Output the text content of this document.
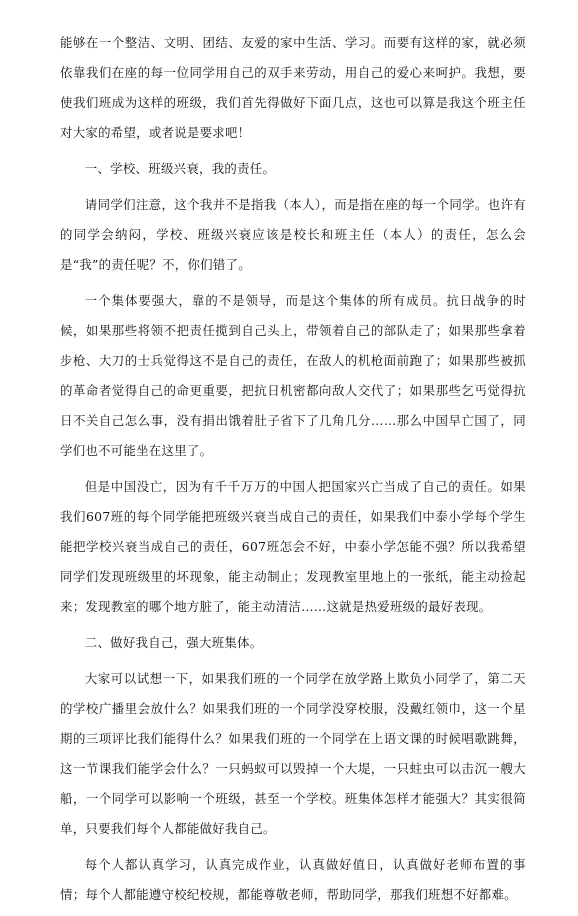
能够在一个整洁、文明、团结、友爱的家中生活、学习。而要有这样的家，就必须依靠我们在座的每一位同学用自己的双手来劳动，用自己的爱心来呵护。我想，要使我们班成为这样的班级，我们首先得做好下面几点，这也可以算是我这个班主任对大家的希望，或者说是要求吧！

一、学校、班级兴衰，我的责任。

请同学们注意，这个我并不是指我（本人），而是指在座的每一个同学。也许有的同学会纳闷，学校、班级兴衰应该是校长和班主任（本人）的责任，怎么会是“我”的责任呢？不，你们错了。

一个集体要强大，靠的不是领导，而是这个集体的所有成员。抗日战争的时候，如果那些将领不把责任揽到自己头上，带领着自己的部队走了；如果那些拿着步枪、大刀的士兵觉得这不是自己的责任，在敌人的机枪面前跑了；如果那些被抓的革命者觉得自己的命更重要，把抗日机密都向敌人交代了；如果那些乞丐觉得抗日不关自己怎么事，没有捐出饿着肚子省下了几角几分……那么中国早亡国了，同学们也不可能坐在这里了。

但是中国没亡，因为有千千万万的中国人把国家兴亡当成了自己的责任。如果我们607班的每个同学能把班级兴衰当成自己的责任，如果我们中泰小学每个学生能把学校兴衰当成自己的责任，607班怎会不好，中泰小学怎能不强？所以我希望同学们发现班级里的坏现象，能主动制止；发现教室里地上的一张纸，能主动捡起来；发现教室的哪个地方脏了，能主动清洁……这就是热爱班级的最好表现。

二、做好我自己，强大班集体。

大家可以试想一下，如果我们班的一个同学在放学路上欺负小同学了，第二天的学校广播里会放什么？如果我们班的一个同学没穿校服，没戴红领巾，这一个星期的三项评比我们能得什么？如果我们班的一个同学在上语文课的时候唱歌跳舞，这一节课我们能学会什么？一只蚂蚁可以毁掉一个大堤，一只蛀虫可以击沉一艘大船，一个同学可以影响一个班级，甚至一个学校。班集体怎样才能强大？其实很简单，只要我们每个人都能做好我自己。

每个人都认真学习，认真完成作业，认真做好值日，认真做好老师布置的事情；每个人都能遵守校纪校规，都能尊敬老师，帮助同学，那我们班想不好都难。
